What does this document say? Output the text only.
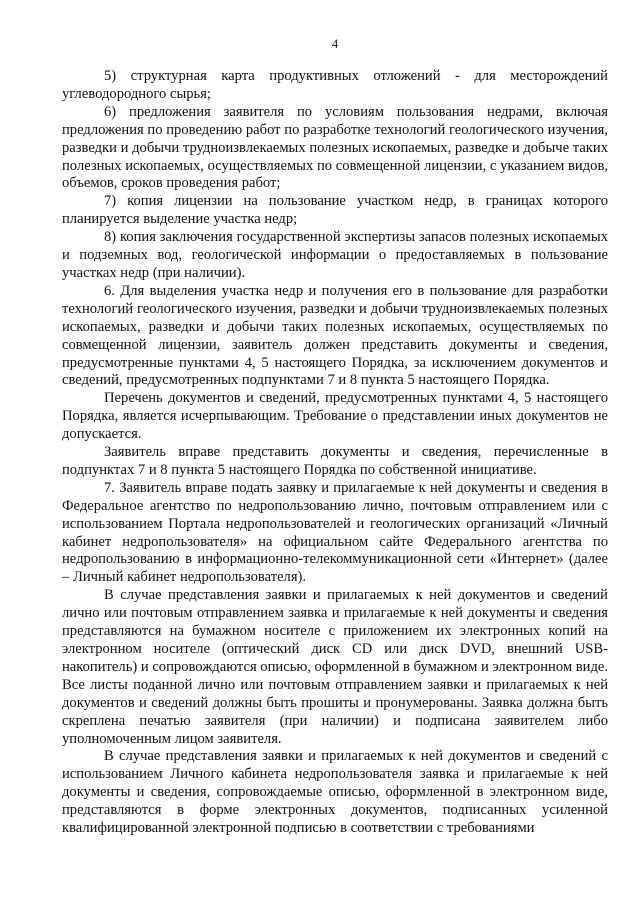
4

5) структурная карта продуктивных отложений - для месторождений углеводородного сырья;

6) предложения заявителя по условиям пользования недрами, включая предложения по проведению работ по разработке технологий геологического изучения, разведки и добычи трудноизвлекаемых полезных ископаемых, разведке и добыче таких полезных ископаемых, осуществляемых по совмещенной лицензии, с указанием видов, объемов, сроков проведения работ;

7) копия лицензии на пользование участком недр, в границах которого планируется выделение участка недр;

8) копия заключения государственной экспертизы запасов полезных ископаемых и подземных вод, геологической информации о предоставляемых в пользование участках недр (при наличии).

6. Для выделения участка недр и получения его в пользование для разработки технологий геологического изучения, разведки и добычи трудноизвлекаемых полезных ископаемых, разведки и добычи таких полезных ископаемых, осуществляемых по совмещенной лицензии, заявитель должен представить документы и сведения, предусмотренные пунктами 4, 5 настоящего Порядка, за исключением документов и сведений, предусмотренных подпунктами 7 и 8 пункта 5 настоящего Порядка.

Перечень документов и сведений, предусмотренных пунктами 4, 5 настоящего Порядка, является исчерпывающим. Требование о представлении иных документов не допускается.

Заявитель вправе представить документы и сведения, перечисленные в подпунктах 7 и 8 пункта 5 настоящего Порядка по собственной инициативе.

7. Заявитель вправе подать заявку и прилагаемые к ней документы и сведения в Федеральное агентство по недропользованию лично, почтовым отправлением или с использованием Портала недропользователей и геологических организаций «Личный кабинет недропользователя» на официальном сайте Федерального агентства по недропользованию в информационно-телекоммуникационной сети «Интернет» (далее – Личный кабинет недропользователя).

В случае представления заявки и прилагаемых к ней документов и сведений лично или почтовым отправлением заявка и прилагаемые к ней документы и сведения представляются на бумажном носителе с приложением их электронных копий на электронном носителе (оптический диск CD или диск DVD, внешний USB-накопитель) и сопровождаются описью, оформленной в бумажном и электронном виде. Все листы поданной лично или почтовым отправлением заявки и прилагаемых к ней документов и сведений должны быть прошиты и пронумерованы. Заявка должна быть скреплена печатью заявителя (при наличии) и подписана заявителем либо уполномоченным лицом заявителя.

В случае представления заявки и прилагаемых к ней документов и сведений с использованием Личного кабинета недропользователя заявка и прилагаемые к ней документы и сведения, сопровождаемые описью, оформленной в электронном виде, представляются в форме электронных документов, подписанных усиленной квалифицированной электронной подписью в соответствии с требованиями
